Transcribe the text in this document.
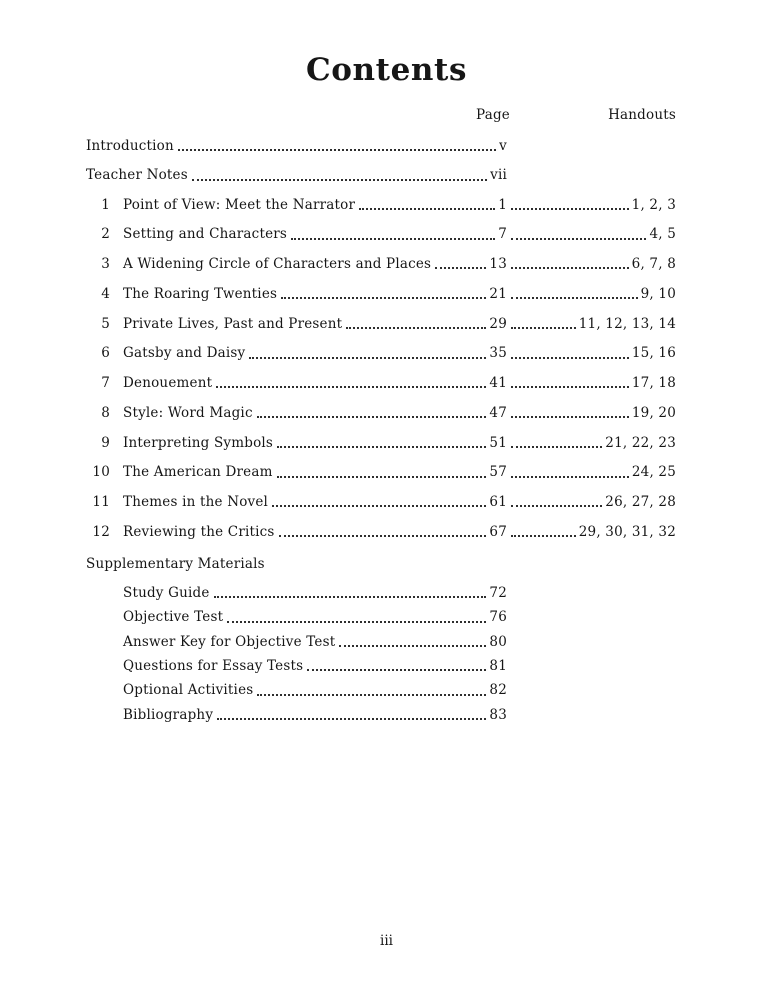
Contents
Page	Handouts
Introduction	v
Teacher Notes	vii
1 Point of View: Meet the Narrator	1	1, 2, 3
2 Setting and Characters	7	4, 5
3 A Widening Circle of Characters and Places	13	6, 7, 8
4 The Roaring Twenties	21	9, 10
5 Private Lives, Past and Present	29	11, 12, 13, 14
6 Gatsby and Daisy	35	15, 16
7 Denouement	41	17, 18
8 Style: Word Magic	47	19, 20
9 Interpreting Symbols	51	21, 22, 23
10 The American Dream	57	24, 25
11 Themes in the Novel	61	26, 27, 28
12 Reviewing the Critics	67	29, 30, 31, 32
Supplementary Materials
Study Guide	72
Objective Test	76
Answer Key for Objective Test	80
Questions for Essay Tests	81
Optional Activities	82
Bibliography	83
iii
